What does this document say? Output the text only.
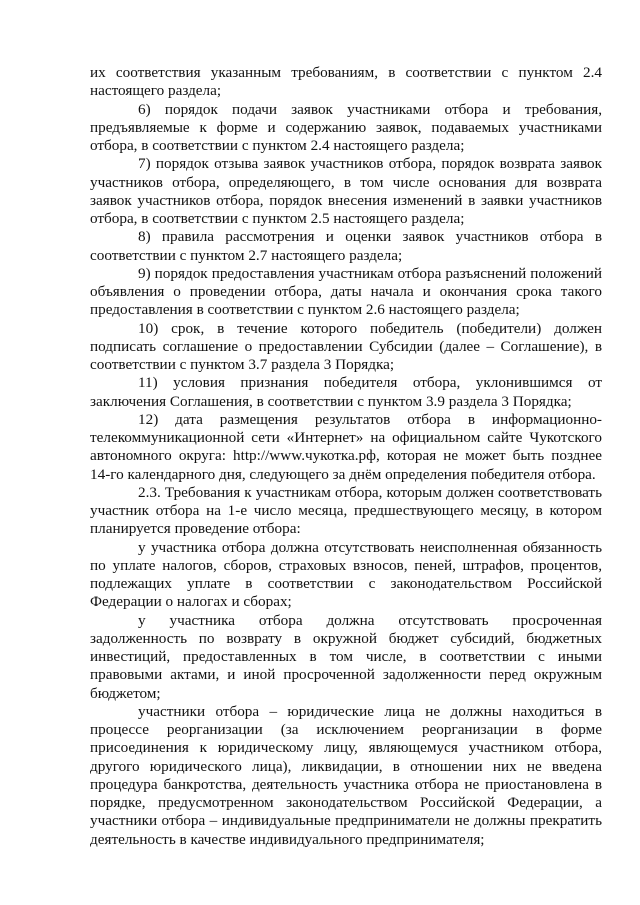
их соответствия указанным требованиям, в соответствии с пунктом 2.4 настоящего раздела;

6) порядок подачи заявок участниками отбора и требования, предъявляемые к форме и содержанию заявок, подаваемых участниками отбора, в соответствии с пунктом 2.4 настоящего раздела;

7) порядок отзыва заявок участников отбора, порядок возврата заявок участников отбора, определяющего, в том числе основания для возврата заявок участников отбора, порядок внесения изменений в заявки участников отбора, в соответствии с пунктом 2.5 настоящего раздела;

8) правила рассмотрения и оценки заявок участников отбора в соответствии с пунктом 2.7 настоящего раздела;

9) порядок предоставления участникам отбора разъяснений положений объявления о проведении отбора, даты начала и окончания срока такого предоставления в соответствии с пунктом 2.6 настоящего раздела;

10) срок, в течение которого победитель (победители) должен подписать соглашение о предоставлении Субсидии (далее – Соглашение), в соответствии с пунктом 3.7 раздела 3 Порядка;

11) условия признания победителя отбора, уклонившимся от заключения Соглашения, в соответствии с пунктом 3.9 раздела 3 Порядка;

12) дата размещения результатов отбора в информационно-телекоммуникационной сети «Интернет» на официальном сайте Чукотского автономного округа: http://www.чукотка.рф, которая не может быть позднее 14-го календарного дня, следующего за днём определения победителя отбора.

2.3. Требования к участникам отбора, которым должен соответствовать участник отбора на 1-е число месяца, предшествующего месяцу, в котором планируется проведение отбора:

у участника отбора должна отсутствовать неисполненная обязанность по уплате налогов, сборов, страховых взносов, пеней, штрафов, процентов, подлежащих уплате в соответствии с законодательством Российской Федерации о налогах и сборах;

у участника отбора должна отсутствовать просроченная задолженность по возврату в окружной бюджет субсидий, бюджетных инвестиций, предоставленных в том числе, в соответствии с иными правовыми актами, и иной просроченной задолженности перед окружным бюджетом;

участники отбора – юридические лица не должны находиться в процессе реорганизации (за исключением реорганизации в форме присоединения к юридическому лицу, являющемуся участником отбора, другого юридического лица), ликвидации, в отношении них не введена процедура банкротства, деятельность участника отбора не приостановлена в порядке, предусмотренном законодательством Российской Федерации, а участники отбора – индивидуальные предприниматели не должны прекратить деятельность в качестве индивидуального предпринимателя;
